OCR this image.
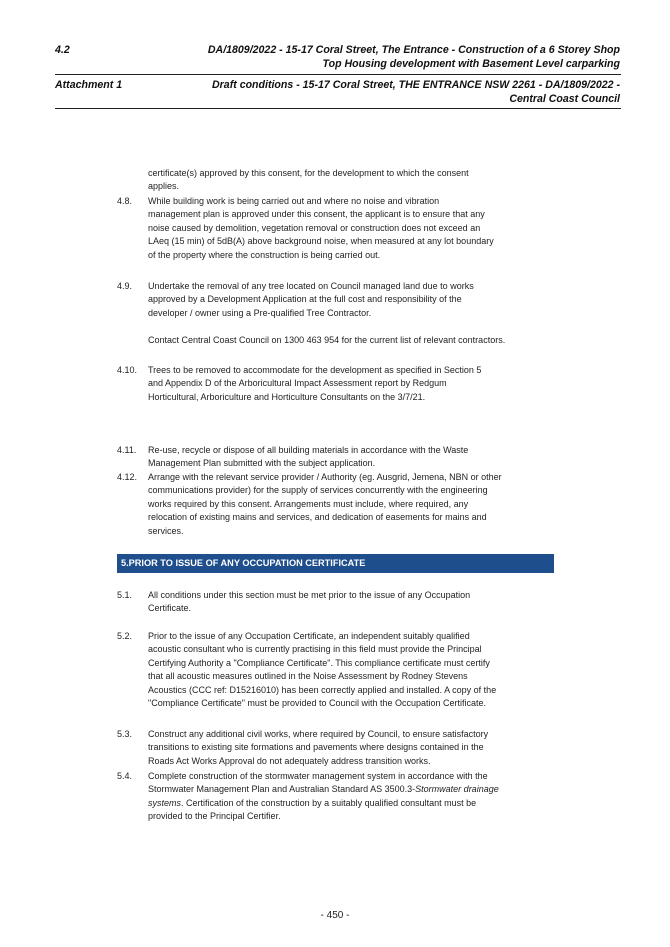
4.2	DA/1809/2022 - 15-17 Coral Street, The Entrance - Construction of a 6 Storey Shop
Top Housing development with Basement Level carparking
Attachment 1	Draft conditions - 15-17 Coral Street, THE ENTRANCE NSW 2261 - DA/1809/2022 -
Central Coast Council
certificate(s) approved by this consent, for the development to which the consent
applies.
4.8. While building work is being carried out and where no noise and vibration
management plan is approved under this consent, the applicant is to ensure that any
noise caused by demolition, vegetation removal or construction does not exceed an
LAeq (15 min) of 5dB(A) above background noise, when measured at any lot boundary
of the property where the construction is being carried out.
4.9. Undertake the removal of any tree located on Council managed land due to works
approved by a Development Application at the full cost and responsibility of the
developer / owner using a Pre-qualified Tree Contractor.
Contact Central Coast Council on 1300 463 954 for the current list of relevant contractors.
4.10. Trees to be removed to accommodate for the development as specified in Section 5
and Appendix D of the Arboricultural Impact Assessment report by Redgum
Horticultural, Arboriculture and Horticulture Consultants on the 3/7/21.
4.11. Re-use, recycle or dispose of all building materials in accordance with the Waste
Management Plan submitted with the subject application.
4.12. Arrange with the relevant service provider / Authority (eg. Ausgrid, Jemena, NBN or other
communications provider) for the supply of services concurrently with the engineering
works required by this consent. Arrangements must include, where required, any
relocation of existing mains and services, and dedication of easements for mains and
services.
5.1. All conditions under this section must be met prior to the issue of any Occupation
Certificate.
5.2. Prior to the issue of any Occupation Certificate, an independent suitably qualified
acoustic consultant who is currently practising in this field must provide the Principal
Certifying Authority a "Compliance Certificate". This compliance certificate must certify
that all acoustic measures outlined in the Noise Assessment by Rodney Stevens
Acoustics (CCC ref: D15216010) has been correctly applied and installed. A copy of the
"Compliance Certificate" must be provided to Council with the Occupation Certificate.
5.3. Construct any additional civil works, where required by Council, to ensure satisfactory
transitions to existing site formations and pavements where designs contained in the
Roads Act Works Approval do not adequately address transition works.
5.4. Complete construction of the stormwater management system in accordance with the
Stormwater Management Plan and Australian Standard AS 3500.3-Stormwater drainage
systems. Certification of the construction by a suitably qualified consultant must be
provided to the Principal Certifier.
5.PRIOR TO ISSUE OF ANY OCCUPATION CERTIFICATE
- 450 -
